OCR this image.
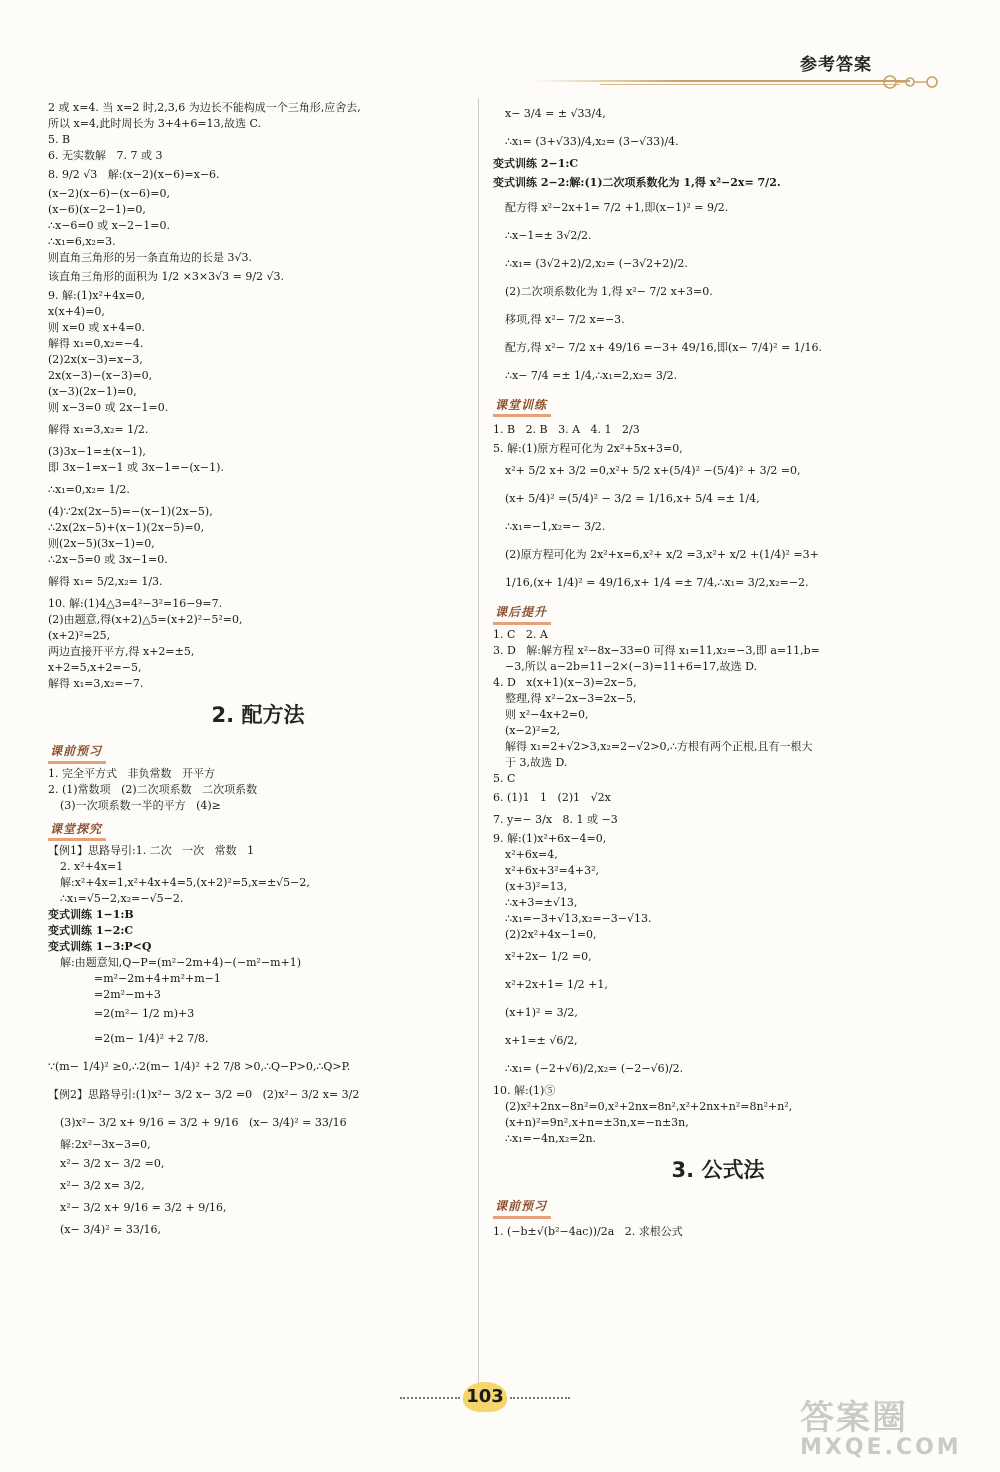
参考答案
2 或 x=4. 当 x=2 时,2,3,6 为边长不能构成一个三角形,应舍去,
所以 x=4,此时周长为 3+4+6=13,故选 C.
5. B
6. 无实数解   7. 7 或 3
8. 9/2 √3   解:(x−2)(x−6)=x−6.
(x−2)(x−6)−(x−6)=0,
(x−6)(x−2−1)=0,
∴x−6=0 或 x−2−1=0.
∴x₁=6,x₂=3.
则直角三角形的另一条直角边的长是 3√3.
该直角三角形的面积为 1/2 ×3×3√3 = 9/2 √3.
9. 解:(1)x²+4x=0,
x(x+4)=0,
则 x=0 或 x+4=0.
解得 x₁=0,x₂=−4.
(2)2x(x−3)=x−3,
2x(x−3)−(x−3)=0,
(x−3)(2x−1)=0,
则 x−3=0 或 2x−1=0.
解得 x₁=3,x₂= 1/2.
(3)3x−1=±(x−1),
即 3x−1=x−1 或 3x−1=−(x−1).
∴x₁=0,x₂= 1/2.
(4)∵2x(2x−5)=−(x−1)(2x−5),
∴2x(2x−5)+(x−1)(2x−5)=0,
则(2x−5)(3x−1)=0,
∴2x−5=0 或 3x−1=0.
解得 x₁= 5/2,x₂= 1/3.
10. 解:(1)4△3=4²−3²=16−9=7.
(2)由题意,得(x+2)△5=(x+2)²−5²=0,
(x+2)²=25,
两边直接开平方,得 x+2=±5,
x+2=5,x+2=−5,
解得 x₁=3,x₂=−7.
2. 配方法
课前预习
1. 完全平方式   非负常数   开平方
2. (1)常数项   (2)二次项系数   二次项系数
(3)一次项系数一半的平方   (4)≥
课堂探究
【例1】思路导引:1. 二次   一次   常数   1
2. x²+4x=1
解:x²+4x=1,x²+4x+4=5,(x+2)²=5,x=±√5−2,
∴x₁=√5−2,x₂=−√5−2.
变式训练 1−1:B
变式训练 1−2:C
变式训练 1−3:P<Q
解:由题意知,Q−P=(m²−2m+4)−(−m²−m+1)
=m²−2m+4+m²+m−1
=2m²−m+3
=2(m²− 1/2 m)+3
=2(m− 1/4)² +2 7/8.
∵(m− 1/4)² ≥0,∴2(m− 1/4)² +2 7/8 >0,∴Q−P>0,∴Q>P.
【例2】思路导引:(1)x²− 3/2 x− 3/2 =0   (2)x²− 3/2 x= 3/2
(3)x²− 3/2 x+ 9/16 = 3/2 + 9/16   (x− 3/4)² = 33/16
解:2x²−3x−3=0,
x²− 3/2 x− 3/2 =0,
x²− 3/2 x= 3/2,
x²− 3/2 x+ 9/16 = 3/2 + 9/16,
(x− 3/4)² = 33/16,
x− 3/4 = ± √33/4,
∴x₁= (3+√33)/4,x₂= (3−√33)/4.
变式训练 2−1:C
变式训练 2−2:解:(1)二次项系数化为 1,得 x²−2x= 7/2.
配方得 x²−2x+1= 7/2 +1,即(x−1)² = 9/2.
∴x−1=± 3√2/2.
∴x₁= (3√2+2)/2,x₂= (−3√2+2)/2.
(2)二次项系数化为 1,得 x²− 7/2 x+3=0.
移项,得 x²− 7/2 x=−3.
配方,得 x²− 7/2 x+ 49/16 =−3+ 49/16,即(x− 7/4)² = 1/16.
∴x− 7/4 =± 1/4,∴x₁=2,x₂= 3/2.
课堂训练
1. B   2. B   3. A   4. 1   2/3
5. 解:(1)原方程可化为 2x²+5x+3=0,
x²+ 5/2 x+ 3/2 =0,x²+ 5/2 x+(5/4)² −(5/4)² + 3/2 =0,
(x+ 5/4)² =(5/4)² − 3/2 = 1/16,x+ 5/4 =± 1/4,
∴x₁=−1,x₂=− 3/2.
(2)原方程可化为 2x²+x=6,x²+ x/2 =3,x²+ x/2 +(1/4)² =3+
1/16,(x+ 1/4)² = 49/16,x+ 1/4 =± 7/4,∴x₁= 3/2,x₂=−2.
课后提升
1. C   2. A
3. D   解:解方程 x²−8x−33=0 可得 x₁=11,x₂=−3,即 a=11,b=
−3,所以 a−2b=11−2×(−3)=11+6=17,故选 D.
4. D   x(x+1)(x−3)=2x−5,
整理,得 x²−2x−3=2x−5,
则 x²−4x+2=0,
(x−2)²=2,
解得 x₁=2+√2>3,x₂=2−√2>0,∴方根有两个正根,且有一根大
于 3,故选 D.
5. C
6. (1)1   1   (2)1   √2x
7. y=− 3/x   8. 1 或 −3
9. 解:(1)x²+6x−4=0,
x²+6x=4,
x²+6x+3²=4+3²,
(x+3)²=13,
∴x+3=±√13,
∴x₁=−3+√13,x₂=−3−√13.
(2)2x²+4x−1=0,
x²+2x− 1/2 =0,
x²+2x+1= 1/2 +1,
(x+1)² = 3/2,
x+1=± √6/2,
∴x₁= (−2+√6)/2,x₂= (−2−√6)/2.
10. 解:(1)⑤
(2)x²+2nx−8n²=0,x²+2nx=8n²,x²+2nx+n²=8n²+n²,
(x+n)²=9n²,x+n=±3n,x=−n±3n,
∴x₁=−4n,x₂=2n.
3. 公式法
课前预习
1. (−b±√(b²−4ac))/2a   2. 求根公式
103
答案圈
MXQE.COM
